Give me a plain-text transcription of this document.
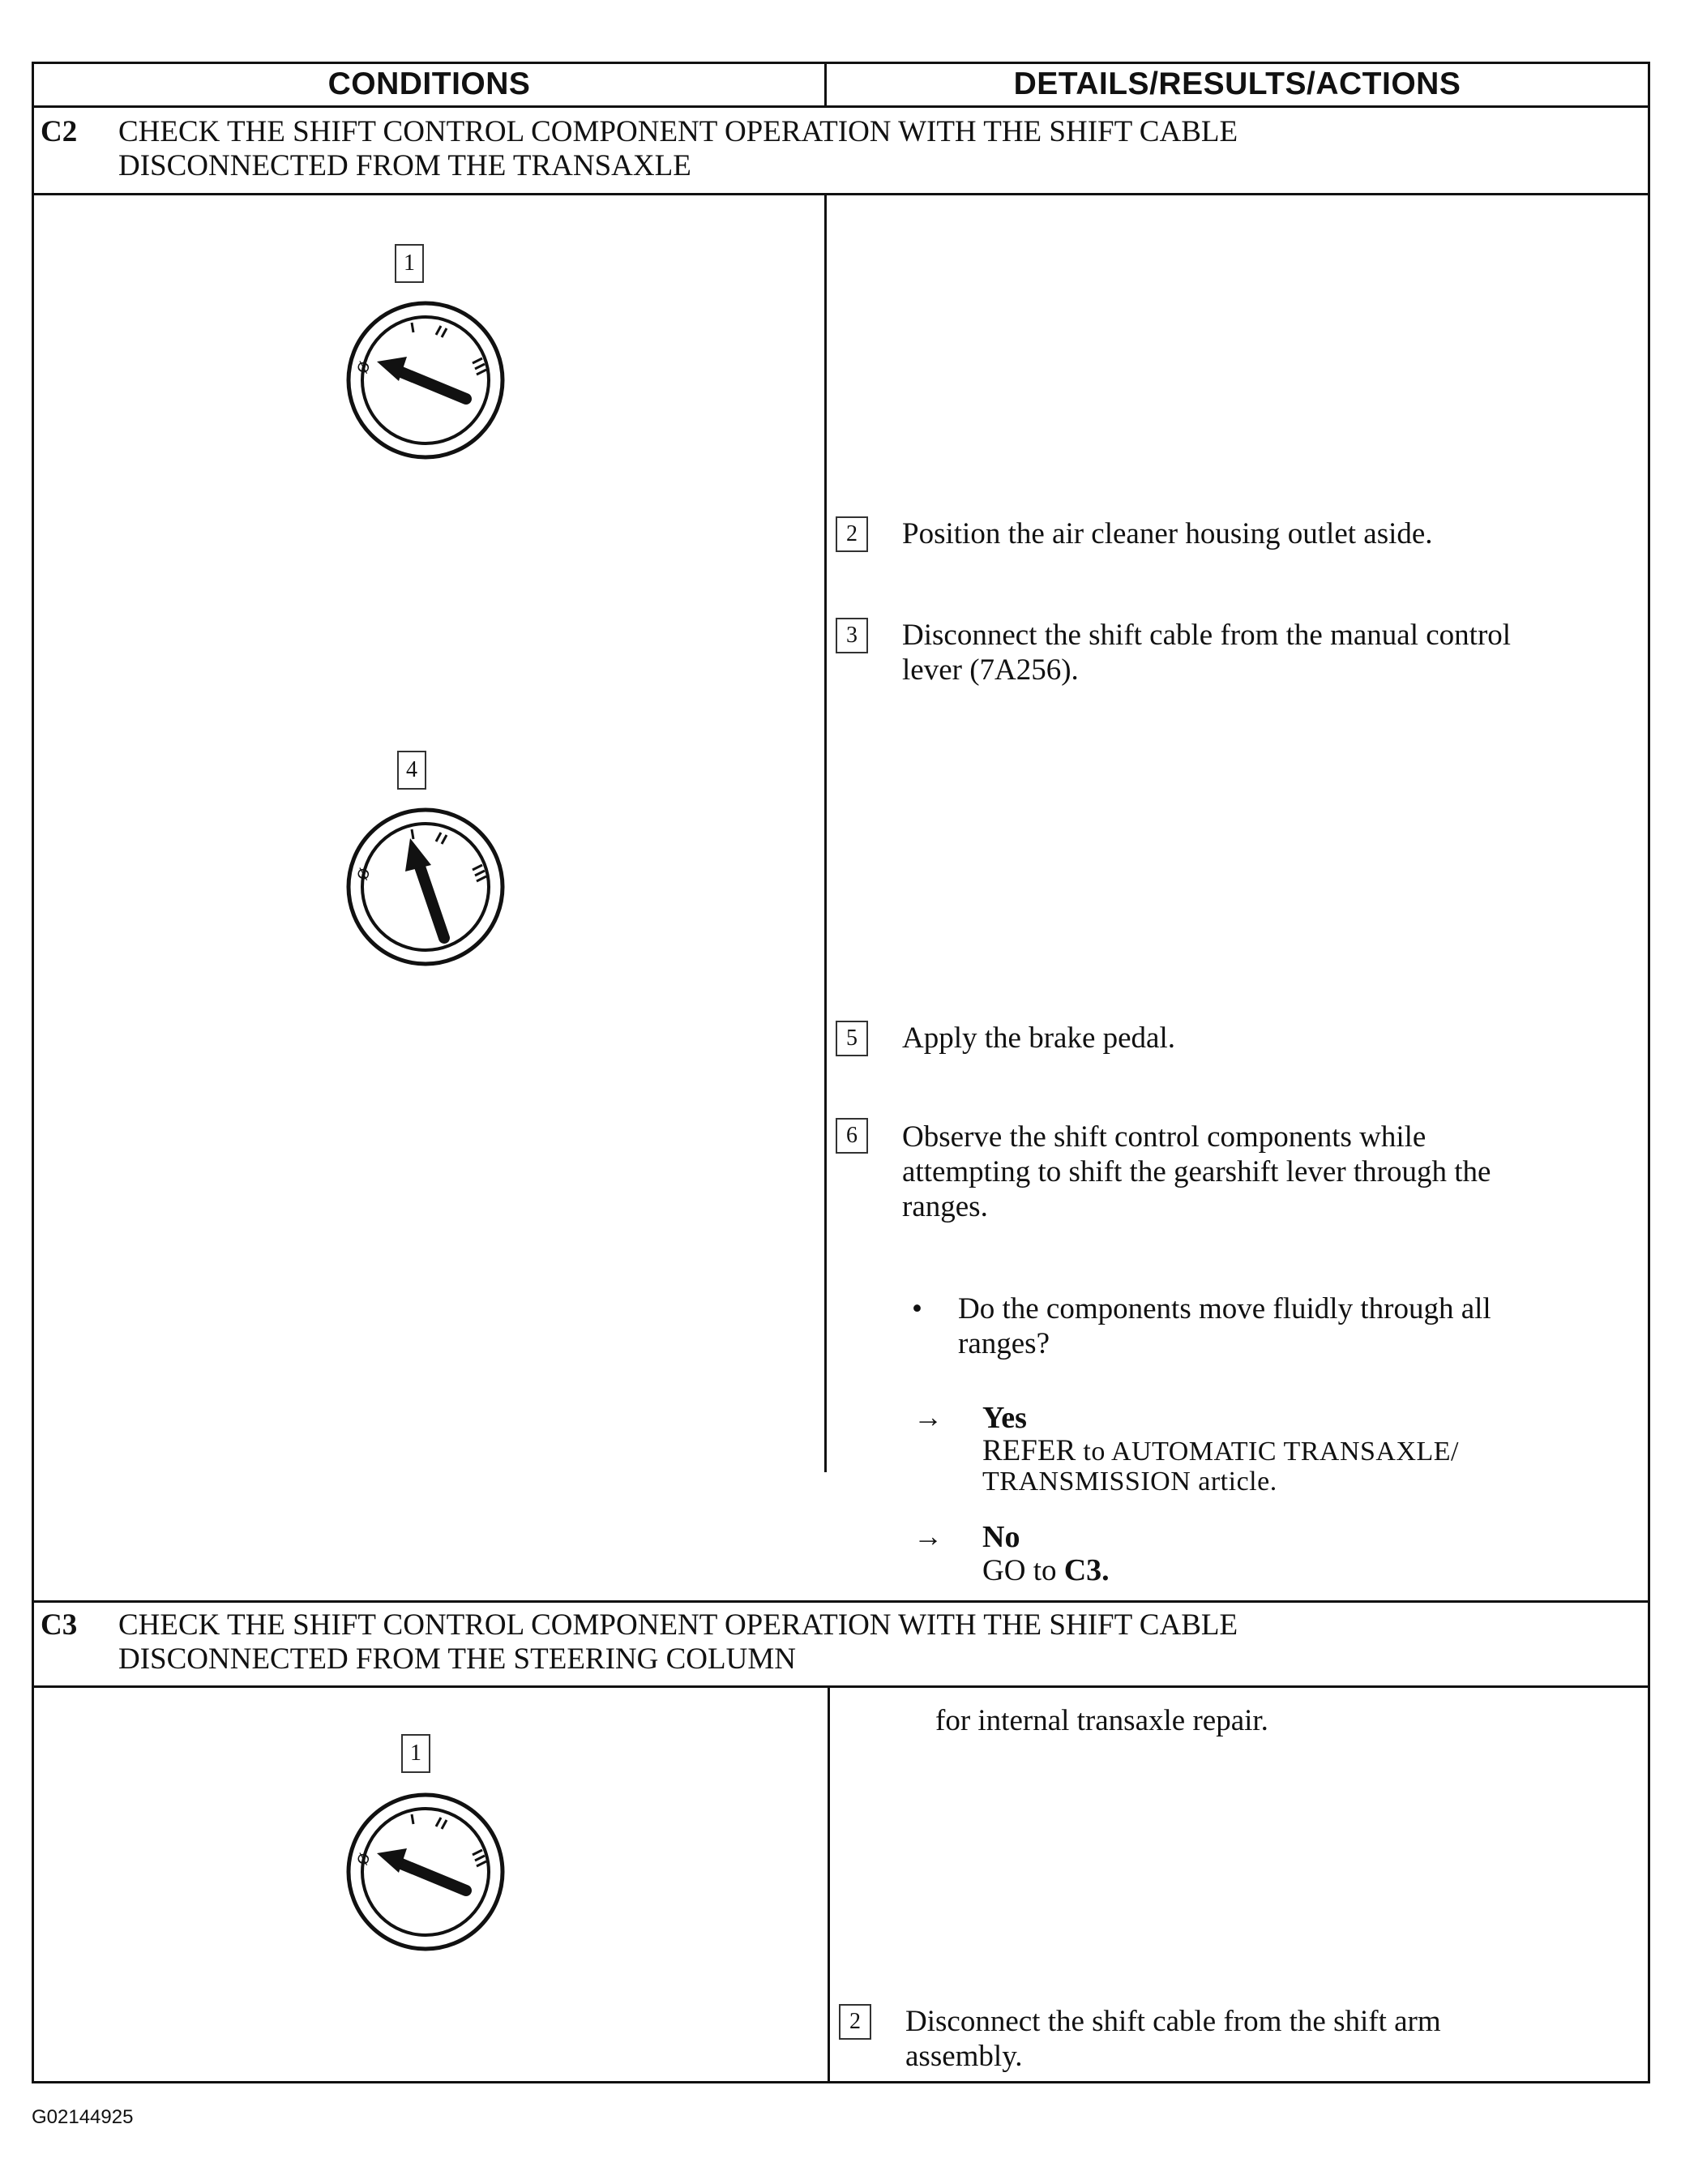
CONDITIONS	DETAILS/RESULTS/ACTIONS
C2 CHECK THE SHIFT CONTROL COMPONENT OPERATION WITH THE SHIFT CABLE
DISCONNECTED FROM THE TRANSAXLE
1
Ø
4
Ø
2	Position the air cleaner housing outlet aside.
3	Disconnect the shift cable from the manual control
lever (7A256).
5	Apply the brake pedal.
6	Observe the shift control components while
attempting to shift the gearshift lever through the
ranges.
• Do the components move fluidly through all
ranges?
→ Yes
REFER to AUTOMATIC TRANSAXLE/
TRANSMISSION article.
→ No
GO to C3.
C3 CHECK THE SHIFT CONTROL COMPONENT OPERATION WITH THE SHIFT CABLE
DISCONNECTED FROM THE STEERING COLUMN
for internal transaxle repair.
1
Ø
2	Disconnect the shift cable from the shift arm
assembly.
G02144925
